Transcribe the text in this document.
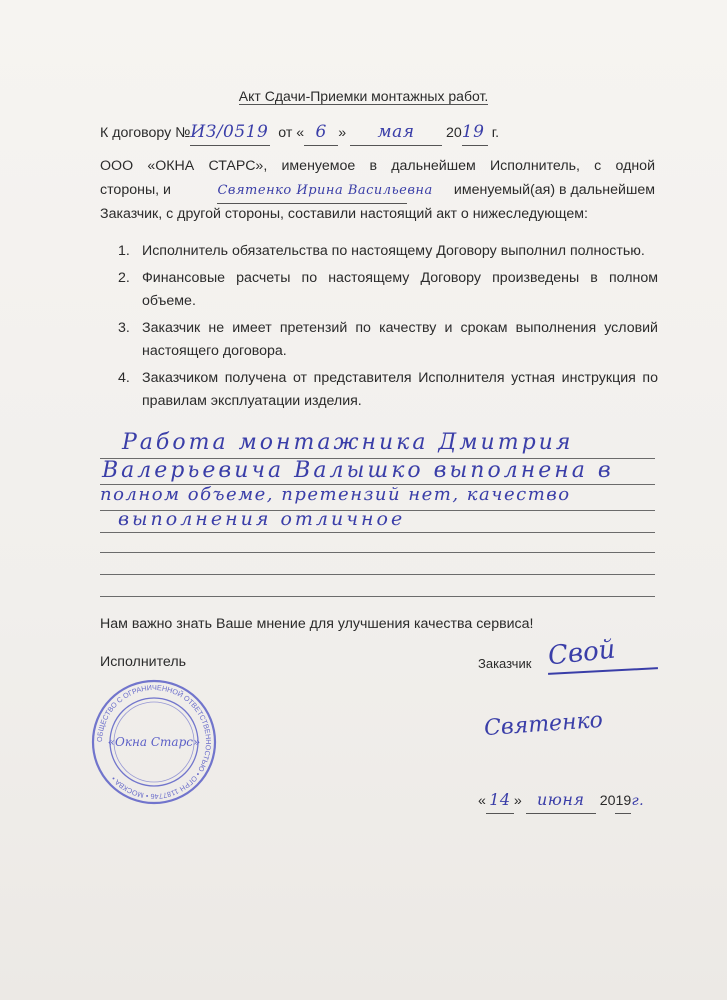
Акт Сдачи-Приемки монтажных работ.
К договору №ИЗ/0519 от « 6 » мая 2019 г.
ООО «ОКНА СТАРС», именуемое в дальнейшем Исполнитель, с одной
стороны, и	Святенко Ирина Васильевна именуемый(ая) в дальнейшем
Заказчик, с другой стороны, составили настоящий акт о нижеследующем:
1. Исполнитель обязательства по настоящему Договору выполнил полностью.
2. Финансовые расчеты по настоящему Договору произведены в полном объеме.
3. Заказчик не имеет претензий по качеству и срокам выполнения условий настоящего договора.
4. Заказчиком получена от представителя Исполнителя устная инструкция по правилам эксплуатации изделия.
Работа монтажника Дмитрия
Валерьевича Валышко выполнена в
полном объеме, претензий нет, качество
выполнения отличное
Нам важно знать Ваше мнение для улучшения качества сервиса!
Исполнитель	Заказчик Свой
ОБЩЕСТВО С ОГРАНИЧЕННОЙ ОТВЕТСТВЕННОСТЬЮ • ОГРН 1187746 • МОСКВА •
«Окна Старс»
Святенко
« 14 » июня 2019г.
